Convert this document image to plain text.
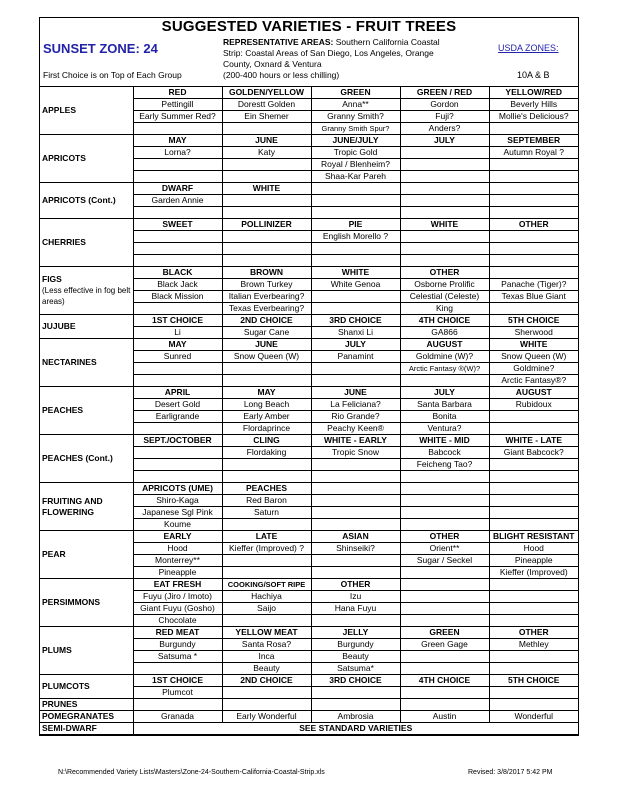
SUGGESTED VARIETIES - FRUIT TREES
SUNSET ZONE: 24
First Choice is on Top of Each Group
REPRESENTATIVE AREAS: Southern California Coastal
Strip: Coastal Areas of San Diego, Los Angeles, Orange
County, Oxnard & Ventura
(200-400 hours or less chilling)
USDA ZONES:
10A & B
APPLES	RED	GOLDEN/YELLOW	GREEN	GREEN / RED	YELLOW/RED
	Pettingill	Dorestt Golden	Anna**	Gordon	Beverly Hills
	Early Summer Red?	Ein Shemer	Granny Smith?	Fuji?	Mollie's Delicious?
			Granny Smith Spur?	Anders?	

APRICOTS	MAY	JUNE	JUNE/JULY	JULY	SEPTEMBER
	Lorna?	Katy	Tropic Gold		Autumn Royal ?
			Royal / Blenheim?		
			Shaa-Kar Pareh		

APRICOTS (Cont.)	DWARF	WHITE			
	Garden Annie				

CHERRIES	SWEET	POLLINIZER	PIE	WHITE	OTHER
			English Morello ?		

FIGS
(Less effective in fog belt areas)	BLACK	BROWN	WHITE	OTHER	
	Black Jack	Brown Turkey	White Genoa	Osborne Prolific	Panache (Tiger)?
	Black Mission	Italian Everbearing?		Celestial (Celeste)	Texas Blue Giant
		Texas Everbearing?		King	

JUJUBE	1ST CHOICE	2ND CHOICE	3RD CHOICE	4TH CHOICE	5TH CHOICE
	Li	Sugar Cane	Shanxi Li	GA866	Sherwood

NECTARINES	MAY	JUNE	JULY	AUGUST	WHITE
	Sunred	Snow Queen (W)	Panamint	Goldmine (W)?	Snow Queen (W)
				Arctic Fantasy ®(W)?	Goldmine?
					Arctic Fantasy®?

PEACHES	APRIL	MAY	JUNE	JULY	AUGUST
	Desert Gold	Long Beach	La Feliciana?	Santa Barbara	Rubidoux
	Earligrande	Early Amber	Rio Grande?	Bonita	
		Flordaprince	Peachy Keen®	Ventura?	

PEACHES (Cont.)	SEPT./OCTOBER	CLING	WHITE - EARLY	WHITE - MID	WHITE - LATE
		Flordaking	Tropic Snow	Babcock	Giant Babcock?
				Feicheng Tao?	

FRUITING AND FLOWERING	APRICOTS (UME)	PEACHES			
	Shiro-Kaga	Red Baron			
	Japanese Sgl Pink	Saturn			
	Koume				

PEAR	EARLY	LATE	ASIAN	OTHER	BLIGHT RESISTANT
	Hood	Kieffer (Improved) ?	Shinseiki?	Orient**	Hood
	Monterrey**			Sugar / Seckel	Pineapple
	Pineapple				Kieffer (Improved)

PERSIMMONS	EAT FRESH	COOKING/SOFT RIPE	OTHER		
	Fuyu (Jiro / Imoto)	Hachiya	Izu		
	Giant Fuyu (Gosho)	Saijo	Hana Fuyu		
	Chocolate				

PLUMS	RED MEAT	YELLOW MEAT	JELLY	GREEN	OTHER
	Burgundy	Santa Rosa?	Burgundy	Green Gage	Methley
	Satsuma *	Inca	Beauty		
		Beauty	Satsuma*		

PLUMCOTS	1ST CHOICE	2ND CHOICE	3RD CHOICE	4TH CHOICE	5TH CHOICE
	Plumcot				

PRUNES					

POMEGRANATES	Granada	Early Wonderful	Ambrosia	Austin	Wonderful
SEMI-DWARF	SEE STANDARD VARIETIES				
N:\Recommended Variety Lists\Masters\Zone-24-Southern-California-Coastal-Strip.xls	Revised: 3/8/2017 5:42 PM
